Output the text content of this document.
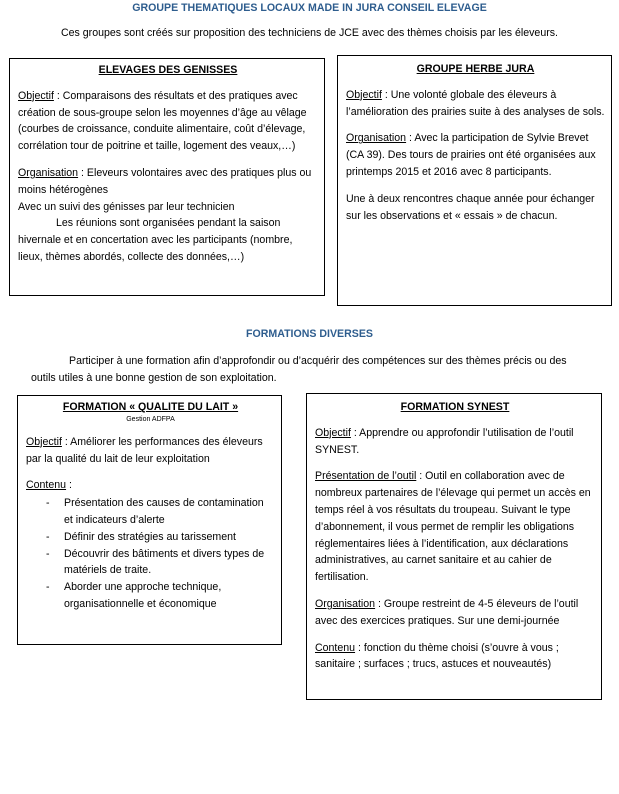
GROUPE THEMATIQUES LOCAUX MADE IN JURA CONSEIL ELEVAGE
Ces groupes sont créés sur proposition des techniciens de JCE avec des thèmes choisis par les éleveurs.
ELEVAGES DES GENISSES
Objectif : Comparaisons des résultats et des pratiques avec création de sous-groupe selon les moyennes d’âge au vêlage (courbes de croissance, conduite alimentaire, coût d’élevage, corrélation tour de poitrine et taille, logement des veaux,…)
Organisation : Eleveurs volontaires avec des pratiques plus ou moins hétérogènes
Avec un suivi des génisses par leur technicien
Les réunions sont organisées pendant la saison hivernale et en concertation avec les participants (nombre, lieux, thèmes abordés, collecte des données,…)
GROUPE HERBE JURA
Objectif : Une volonté globale des éleveurs à l’amélioration des prairies suite à des analyses de sols.
Organisation : Avec la participation de Sylvie Brevet (CA 39). Des tours de prairies ont été organisées aux printemps 2015 et 2016 avec 8 participants.
Une à deux rencontres chaque année pour échanger sur les observations et « essais » de chacun.
FORMATIONS DIVERSES
Participer à une formation afin d’approfondir ou d’acquérir des compétences sur des thèmes précis ou des outils utiles à une bonne gestion de son exploitation.
FORMATION « QUALITE DU LAIT »
Gestion ADFPA
Objectif : Améliorer les performances des éleveurs par la qualité du lait de leur exploitation
Contenu :
- Présentation des causes de contamination et indicateurs d’alerte
- Définir des stratégies au tarissement
- Découvrir des bâtiments et divers types de matériels de traite.
- Aborder une approche technique, organisationnelle et économique
FORMATION SYNEST
Objectif : Apprendre ou approfondir l’utilisation de l’outil SYNEST.
Présentation de l’outil : Outil en collaboration avec de nombreux partenaires de l’élevage qui permet un accès en temps réel à vos résultats du troupeau. Suivant le type d’abonnement, il vous permet de remplir les obligations réglementaires liées à l’identification, aux déclarations administratives, au carnet sanitaire et au cahier de fertilisation.
Organisation : Groupe restreint de 4-5 éleveurs de l’outil avec des exercices pratiques. Sur une demi-journée
Contenu : fonction du thème choisi (s’ouvre à vous ; sanitaire ; surfaces ; trucs, astuces et nouveautés)
